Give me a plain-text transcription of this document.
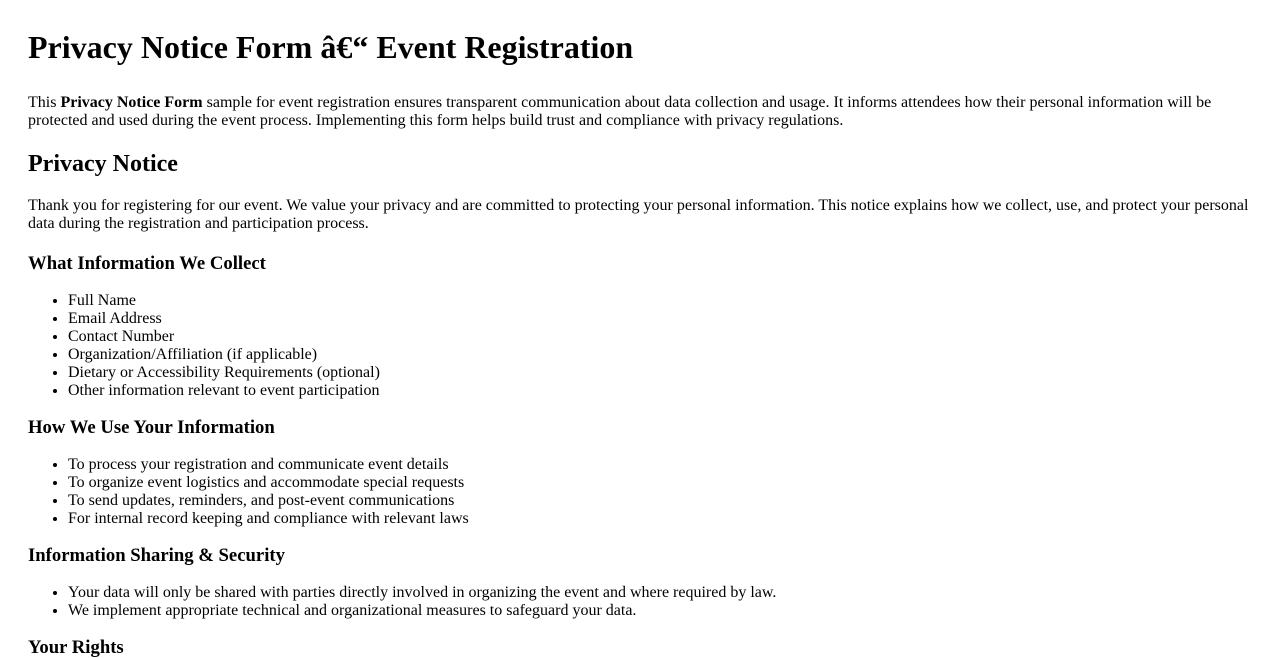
Privacy Notice Form â€“ Event Registration

This Privacy Notice Form sample for event registration ensures transparent communication about data collection and usage. It informs attendees how their personal information will be protected and used during the event process. Implementing this form helps build trust and compliance with privacy regulations.

Privacy Notice

Thank you for registering for our event. We value your privacy and are committed to protecting your personal information. This notice explains how we collect, use, and protect your personal data during the registration and participation process.

What Information We Collect
• Full Name
• Email Address
• Contact Number
• Organization/Affiliation (if applicable)
• Dietary or Accessibility Requirements (optional)
• Other information relevant to event participation
How We Use Your Information
• To process your registration and communicate event details
• To organize event logistics and accommodate special requests
• To send updates, reminders, and post-event communications
• For internal record keeping and compliance with relevant laws
Information Sharing & Security
• Your data will only be shared with parties directly involved in organizing the event and where required by law.
• We implement appropriate technical and organizational measures to safeguard your data.
Your Rights
